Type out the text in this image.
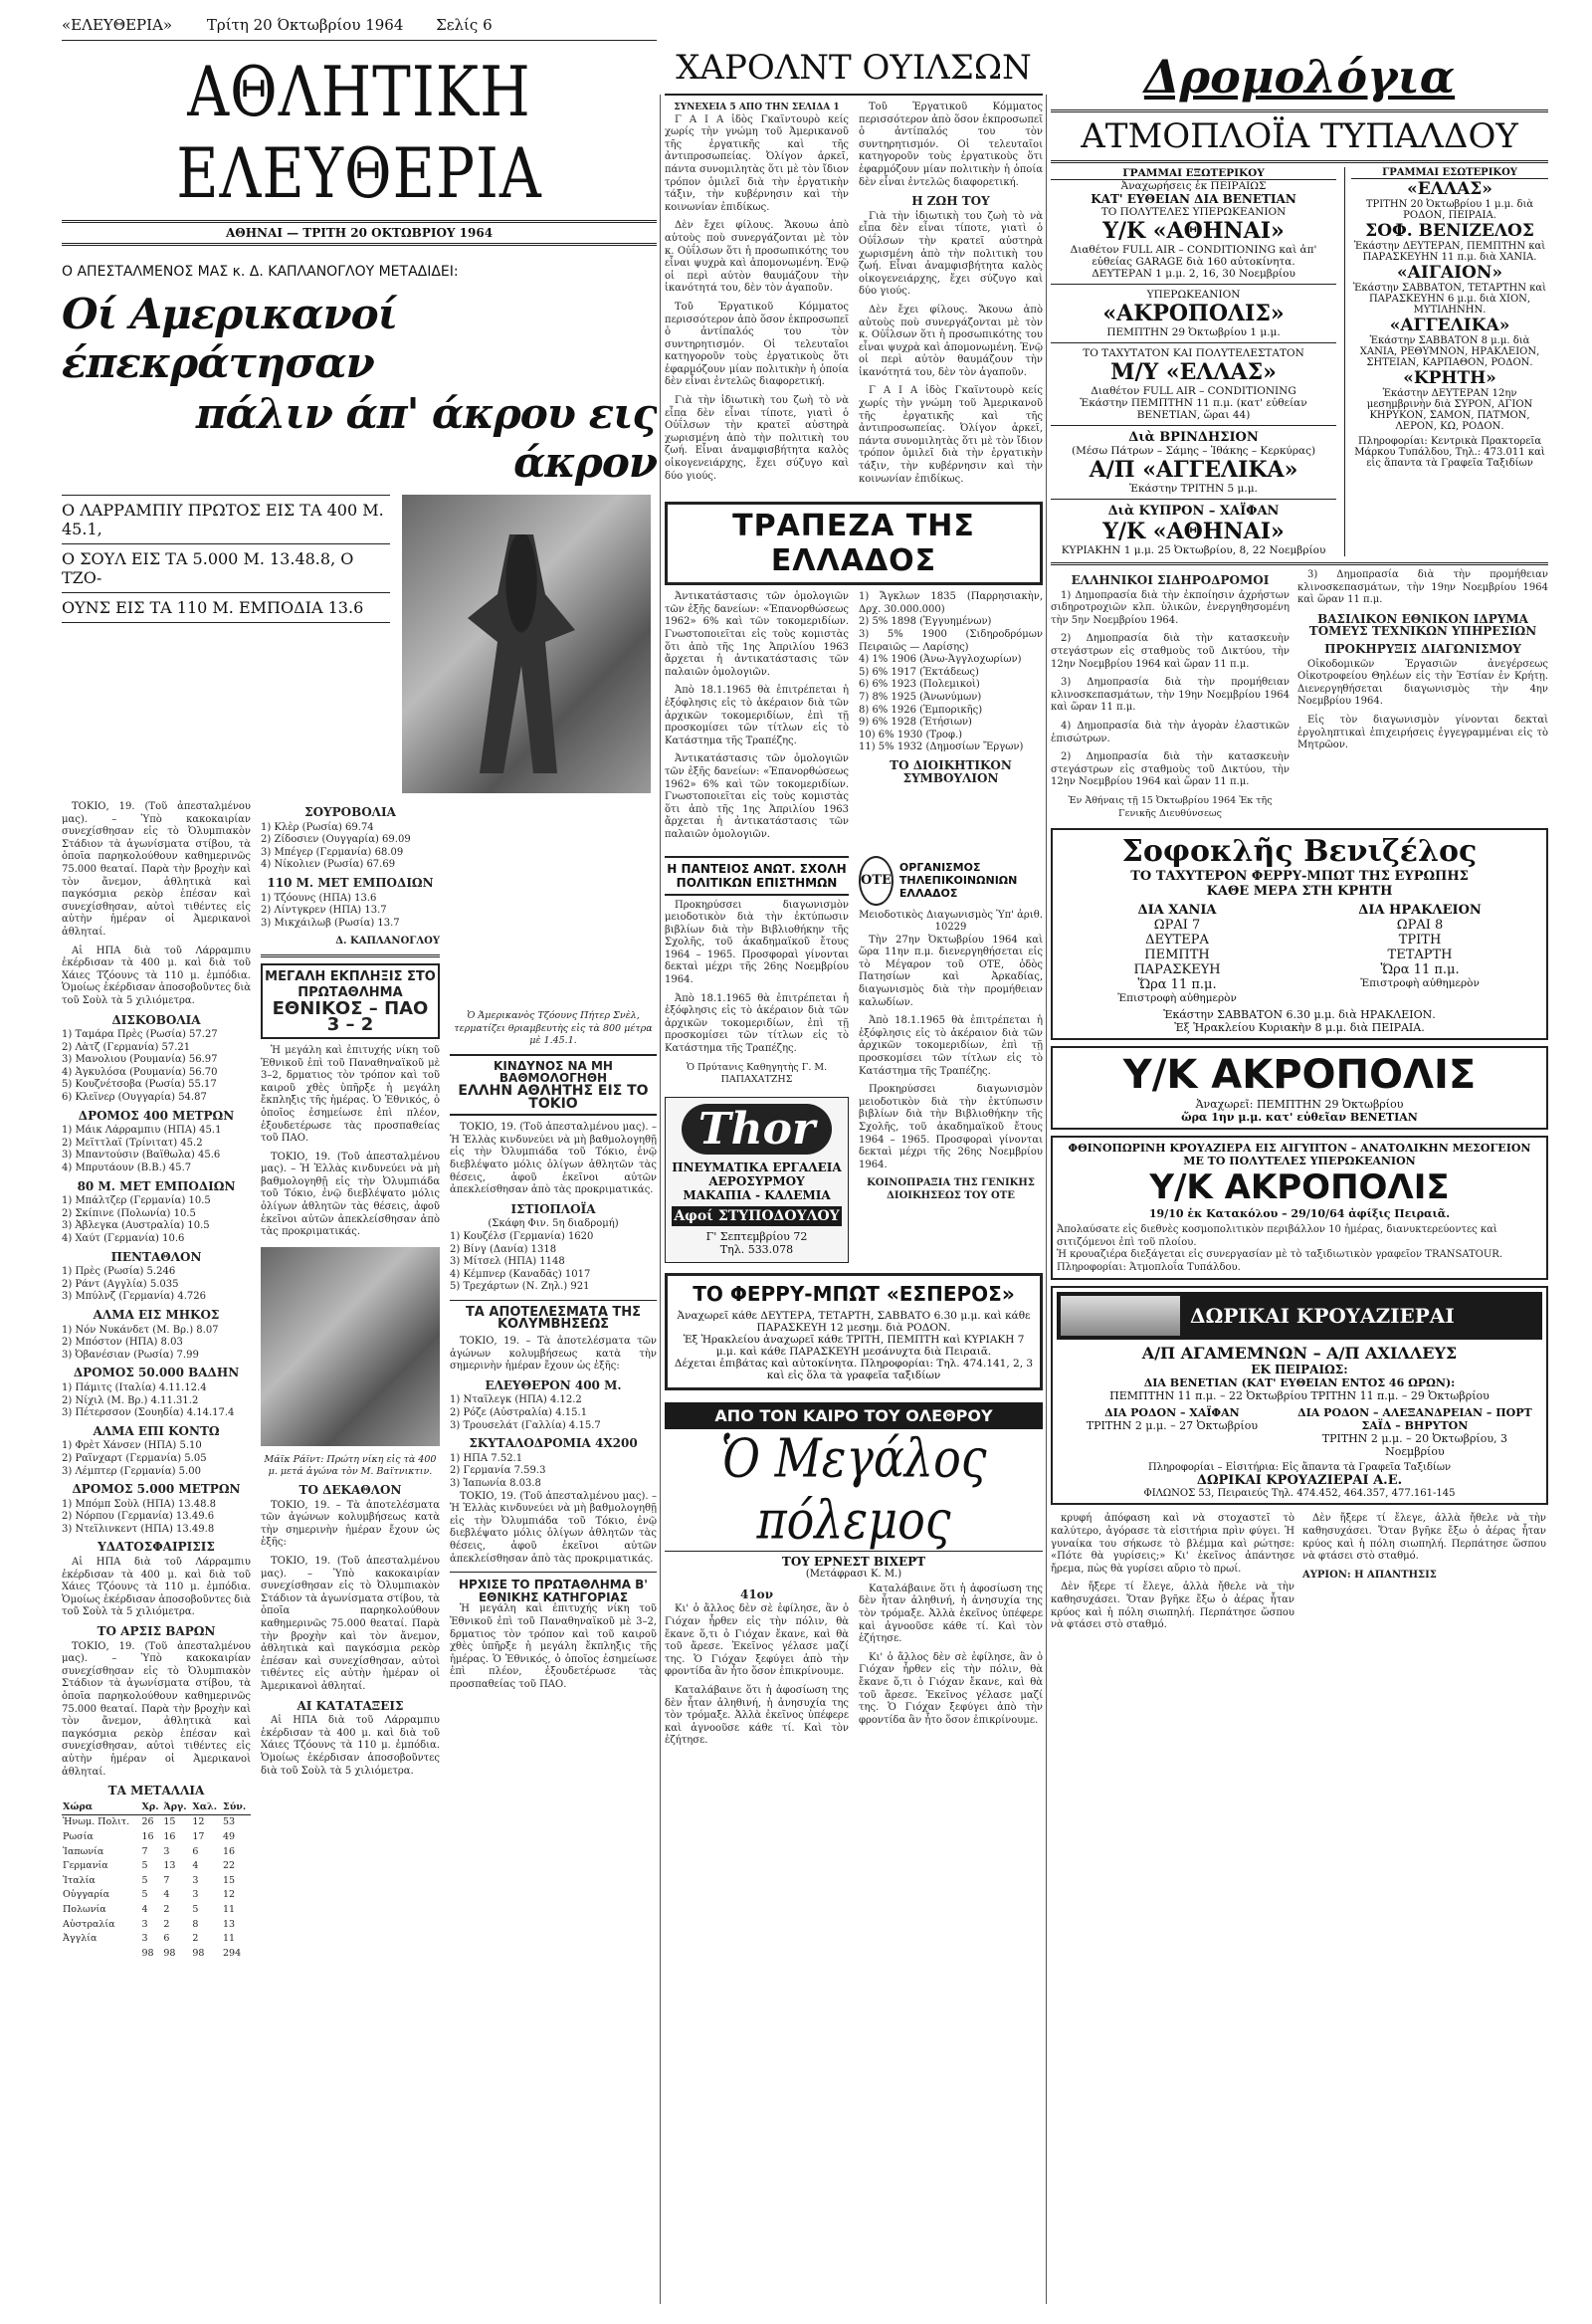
«ΕΛΕΥΘΕΡΙΑ» Τρίτη 20 Όκτωβρίου 1964 Σελίς 6
ΑΘΛΗΤΙΚΗ ΕΛΕΥΘΕΡΙΑ
ΑΘΗΝΑΙ — ΤΡΙΤΗ 20 ΟΚΤΩΒΡΙΟΥ 1964
Ο ΑΠΕΣΤΑΛΜΕΝΟΣ ΜΑΣ κ. Δ. ΚΑΠΛΑΝΟΓΛΟΥ ΜΕΤΑΔΙΔΕΙ:
Οί Αμερικανοί έπεκράτησαν
πάλιν άπ' άκρου εις άκρον
Ο ΛΑΡΡΑΜΠΙΥ ΠΡΩΤΟΣ ΕΙΣ ΤΑ 400 Μ. 45.1,
Ο ΣΟΥΛ ΕΙΣ ΤΑ 5.000 Μ. 13.48.8, Ο ΤΖΟ-
ΟΥΝΣ ΕΙΣ ΤΑ 110 Μ. ΕΜΠΟΔΙΑ 13.6

ΤΟΚΙΟ, 19. (Τοῦ ἀπεσταλμένου μας). – Ὑπὸ κακοκαιρίαν συνεχίσθησαν εἰς τὸ Ὀλυμπιακὸν Στάδιον τὰ ἀγωνίσματα στίβου, τὰ ὁποῖα παρηκολούθουν καθημερινῶς 75.000 θεαταί. Παρὰ τὴν βροχὴν καὶ τὸν ἄνεμον, ἀθλητικὰ καὶ παγκόσμια ρεκὸρ ἐπέσαν καὶ συνεχίσθησαν, αὐτοὶ τιθέντες εἰς αὐτὴν ἡμέραν οἱ Ἀμερικανοὶ ἀθληταί.

Αἱ ΗΠΑ διὰ τοῦ Λάρραμπιυ ἐκέρδισαν τὰ 400 μ. καὶ διὰ τοῦ Χάιες Τζόουνς τὰ 110 μ. ἐμπόδια. Ὁμοίως ἐκέρδισαν ἀποσοβοῦντες διὰ τοῦ Σοὺλ τὰ 5 χιλιόμετρα.

ΔΙΣΚΟΒΟΛΙΑ
1) Ταμάρα Πρὲς (Ρωσία) 57.27
2) Λὰτζ (Γερμανία) 57.21
3) Μανολιου (Ρουμανία) 56.97
4) Ἀγκυλόσα (Ρουμανία) 56.70
5) Κουζνέτσοβα (Ρωσία) 55.17
6) Κλεϊνερ (Ουγγαρία) 54.87
ΔΡΟΜΟΣ 400 ΜΕΤΡΩΝ
1) Μάικ Λάρραμπιυ (ΗΠΑ) 45.1
2) Μεϊττλαϊ (Τρίνιτατ) 45.2
3) Μπαντούσιν (Βαϊθωλα) 45.6
4) Μπρυτάουν (Β.Β.) 45.7
80 Μ. ΜΕΤ ΕΜΠΟΔΙΩΝ
1) Μπάλτζερ (Γερμανία) 10.5
2) Σκίπινε (Πολωνία) 10.5
3) Ἀβλεγκα (Αυστραλία) 10.5
4) Χαύτ (Γερμανία) 10.6
ΠΕΝΤΑΘΛΟΝ
1) Πρὲς (Ρωσία) 5.246
2) Ράντ (Αγγλία) 5.035
3) Μπύλνζ (Γερμανία) 4.726
ΑΛΜΑ ΕΙΣ ΜΗΚΟΣ
1) Νόν Νυκάνδετ (Μ. Βρ.) 8.07
2) Μπόστον (ΗΠΑ) 8.03
3) Ὀβανέσιαν (Ρωσία) 7.99
ΔΡΟΜΟΣ 50.000 ΒΑΔΗΝ
1) Πάμιτς (Ιταλία) 4.11.12.4
2) Νίχιλ (Μ. Βρ.) 4.11.31.2
3) Πέτερσσον (Σουηδία) 4.14.17.4
ΑΛΜΑ ΕΠΙ ΚΟΝΤΩ
1) Φρὲτ Χάνσεν (ΗΠΑ) 5.10
2) Ραϊνχαρτ (Γερμανία) 5.05
3) Λέμπτερ (Γερμανία) 5.00
ΔΡΟΜΟΣ 5.000 ΜΕΤΡΩΝ
1) Μπόμπ Σοὺλ (ΗΠΑ) 13.48.8
2) Νόρπου (Γερμανία) 13.49.6
3) Ντεϊλινκεντ (ΗΠΑ) 13.49.8
ΥΔΑΤΟΣΦΑΙΡΙΣΙΣ

Αἱ ΗΠΑ διὰ τοῦ Λάρραμπιυ ἐκέρδισαν τὰ 400 μ. καὶ διὰ τοῦ Χάιες Τζόουνς τὰ 110 μ. ἐμπόδια. Ὁμοίως ἐκέρδισαν ἀποσοβοῦντες διὰ τοῦ Σοὺλ τὰ 5 χιλιόμετρα.

ΤΟ ΑΡΣΙΣ ΒΑΡΩΝ

ΤΟΚΙΟ, 19. (Τοῦ ἀπεσταλμένου μας). – Ὑπὸ κακοκαιρίαν συνεχίσθησαν εἰς τὸ Ὀλυμπιακὸν Στάδιον τὰ ἀγωνίσματα στίβου, τὰ ὁποῖα παρηκολούθουν καθημερινῶς 75.000 θεαταί. Παρὰ τὴν βροχὴν καὶ τὸν ἄνεμον, ἀθλητικὰ καὶ παγκόσμια ρεκὸρ ἐπέσαν καὶ συνεχίσθησαν, αὐτοὶ τιθέντες εἰς αὐτὴν ἡμέραν οἱ Ἀμερικανοὶ ἀθληταί.

ΤΑ ΜΕΤΑΛΛΙΑ
Χώρα	Χρ.	Ἀργ.	Χαλ.	Σύν.
Ἡνωμ. Πολιτ.	26	15	12	53
Ρωσία	16	16	17	49
Ἰαπωνία	7	3	6	16
Γερμανία	5	13	4	22
Ἰταλία	5	7	3	15
Οὐγγαρία	5	4	3	12
Πολωνία	4	2	5	11
Αὐστραλία	3	2	8	13
Ἀγγλία	3	6	2	11
	98	98	98	294
ΣΟΥΡΟΒΟΛΙΑ
1) Κλὲρ (Ρωσία) 69.74
2) Ζίδοσιεν (Ουγγαρία) 69.09
3) Μπέγερ (Γερμανία) 68.09
4) Νίκολιεν (Ρωσία) 67.69
110 Μ. ΜΕΤ ΕΜΠΟΔΙΩΝ
1) Τζόουνς (ΗΠΑ) 13.6
2) Λίντγκρεν (ΗΠΑ) 13.7
3) Μικχάιλωβ (Ρωσία) 13.7
Δ. ΚΑΠΛΑΝΟΓΛΟΥ
ΜΕΓΑΛΗ ΕΚΠΛΗΞΙΣ ΣΤΟ ΠΡΩΤΑΘΛΗΜΑ
ΕΘΝΙΚΟΣ – ΠΑΟ 3 – 2

Ἡ μεγάλη καὶ ἐπιτυχής νίκη τοῦ Ἐθνικοῦ ἐπὶ τοῦ Παναθηναϊκοῦ μὲ 3–2, δρματιος τὸν τρόπον καὶ τοῦ καιροῦ χθὲς ὑπῆρξε ἡ μεγάλη ἔκπληξις τῆς ἡμέρας. Ὁ Ἐθνικός, ὁ ὁποῖος ἐσημείωσε ἐπὶ πλέον, ἐξουδετέρωσε τὰς προσπαθείας τοῦ ΠΑΟ.

ΤΟΚΙΟ, 19. (Τοῦ ἀπεσταλμένου μας). – Ἡ Ἑλλὰς κινδυνεύει νὰ μὴ βαθμολογηθῇ εἰς τὴν Ὀλυμπιάδα τοῦ Τόκιο, ἐνῷ διεβλέψατο μόλις ὀλίγων ἀθλητῶν τὰς θέσεις, ἀφοῦ ἐκεῖνοι αὐτῶν ἀπεκλείσθησαν ἀπὸ τὰς προκριματικάς.

Μάϊκ Ράϊντ: Πρώτη νίκη εἰς τὰ 400 μ. μετά ἀγώνα τὸν Μ. Βαϊτνικτιν.
ΤΟ ΔΕΚΑΘΛΟΝ

ΤΟΚΙΟ, 19. – Τὰ ἀποτελέσματα τῶν ἀγώνων κολυμβήσεως κατὰ τὴν σημερινὴν ἡμέραν ἔχουν ὡς ἑξῆς:

ΤΟΚΙΟ, 19. (Τοῦ ἀπεσταλμένου μας). – Ὑπὸ κακοκαιρίαν συνεχίσθησαν εἰς τὸ Ὀλυμπιακὸν Στάδιον τὰ ἀγωνίσματα στίβου, τὰ ὁποῖα παρηκολούθουν καθημερινῶς 75.000 θεαταί. Παρὰ τὴν βροχὴν καὶ τὸν ἄνεμον, ἀθλητικὰ καὶ παγκόσμια ρεκὸρ ἐπέσαν καὶ συνεχίσθησαν, αὐτοὶ τιθέντες εἰς αὐτὴν ἡμέραν οἱ Ἀμερικανοὶ ἀθληταί.

ΑΙ ΚΑΤΑΤΑΞΕΙΣ

Αἱ ΗΠΑ διὰ τοῦ Λάρραμπιυ ἐκέρδισαν τὰ 400 μ. καὶ διὰ τοῦ Χάιες Τζόουνς τὰ 110 μ. ἐμπόδια. Ὁμοίως ἐκέρδισαν ἀποσοβοῦντες διὰ τοῦ Σοὺλ τὰ 5 χιλιόμετρα.

Ὁ Ἀμερικανὸς Τζόουνς Πήτερ Σνὲλ, τερματίζει θριαμβευτὴς εἰς τὰ 800 μέτρα μὲ 1.45.1.
ΚΙΝΔΥΝΟΣ ΝΑ ΜΗ ΒΑΘΜΟΛΟΓΗΘΗ
ΕΛΛΗΝ ΑΘΛΗΤΗΣ ΕΙΣ ΤΟ ΤΟΚΙΟ

ΤΟΚΙΟ, 19. (Τοῦ ἀπεσταλμένου μας). – Ἡ Ἑλλὰς κινδυνεύει νὰ μὴ βαθμολογηθῇ εἰς τὴν Ὀλυμπιάδα τοῦ Τόκιο, ἐνῷ διεβλέψατο μόλις ὀλίγων ἀθλητῶν τὰς θέσεις, ἀφοῦ ἐκεῖνοι αὐτῶν ἀπεκλείσθησαν ἀπὸ τὰς προκριματικάς.

ΙΣΤΙΟΠΛΟΪΑ
(Σκάφη Φιν. 5η διαδρομή)
1) Κουζέλσ (Γερμανία) 1620
2) Βίνγ (Δανία) 1318
3) Μίτσελ (ΗΠΑ) 1148
4) Κέμπνερ (Καναδᾶς) 1017
5) Τρεχάρτων (Ν. Ζηλ.) 921
ΤΑ ΑΠΟΤΕΛΕΣΜΑΤΑ ΤΗΣ ΚΟΛΥΜΒΗΣΕΩΣ

ΤΟΚΙΟ, 19. – Τὰ ἀποτελέσματα τῶν ἀγώνων κολυμβήσεως κατὰ τὴν σημερινὴν ἡμέραν ἔχουν ὡς ἑξῆς:

ΕΛΕΥΘΕΡΟΝ 400 Μ.
1) Νταϊλεγκ (ΗΠΑ) 4.12.2
2) Ρόζε (Αὐστραλία) 4.15.1
3) Τρουσελάτ (Γαλλία) 4.15.7
ΣΚΥΤΑΛΟΔΡΟΜΙΑ 4Χ200
1) ΗΠΑ 7.52.1
2) Γερμανία 7.59.3
3) Ἰαπωνία 8.03.8

ΤΟΚΙΟ, 19. (Τοῦ ἀπεσταλμένου μας). – Ἡ Ἑλλὰς κινδυνεύει νὰ μὴ βαθμολογηθῇ εἰς τὴν Ὀλυμπιάδα τοῦ Τόκιο, ἐνῷ διεβλέψατο μόλις ὀλίγων ἀθλητῶν τὰς θέσεις, ἀφοῦ ἐκεῖνοι αὐτῶν ἀπεκλείσθησαν ἀπὸ τὰς προκριματικάς.

ΗΡΧΙΣΕ ΤΟ ΠΡΩΤΑΘΛΗΜΑ Β' ΕΘΝΙΚΗΣ ΚΑΤΗΓΟΡΙΑΣ

Ἡ μεγάλη καὶ ἐπιτυχής νίκη τοῦ Ἐθνικοῦ ἐπὶ τοῦ Παναθηναϊκοῦ μὲ 3–2, δρματιος τὸν τρόπον καὶ τοῦ καιροῦ χθὲς ὑπῆρξε ἡ μεγάλη ἔκπληξις τῆς ἡμέρας. Ὁ Ἐθνικός, ὁ ὁποῖος ἐσημείωσε ἐπὶ πλέον, ἐξουδετέρωσε τὰς προσπαθείας τοῦ ΠΑΟ.

ΧΑΡΟΛΝΤ ΟΥΙΛΣΩΝ
ΣΥΝΕΧΕΙΑ 5 ΑΠΟ ΤΗΝ ΣΕΛΙΔΑ 1

Γ Α Ι Α ἰδὸς Γκαϊντουρὸ κείς χωρίς τὴν γνώμη τοῦ Ἀμερικανοῦ τῆς ἐργατικῆς καὶ τῆς ἀντιπροσωπείας. Ὀλίγον ἀρκεῖ, πάντα συνομιλητὰς ὅτι μὲ τὸν ἴδιον τρόπον ὁμιλεῖ διὰ τὴν ἐργατικὴν τάξιν, τὴν κυβέρνησιν καὶ τὴν κοινωνίαν ἐπιδίκως.

Δὲν ἔχει φίλους. Ἄκουω ἀπὸ αὐτοὺς ποὺ συνεργάζονται μὲ τὸν κ. Οὐΐλσων ὅτι ἡ προσωπικότης του εἶναι ψυχρὰ καὶ ἀπομονωμένη. Ἐνῷ οἱ περὶ αὐτὸν θαυμάζουν τὴν ἱκανότητά του, δὲν τὸν ἀγαποῦν.

Τοῦ Ἐργατικοῦ Κόμματος περισσότερον ἀπὸ ὅσον ἐκπροσωπεῖ ὁ ἀντίπαλός του τὸν συντηρητισμόν. Οἱ τελευταῖοι κατηγοροῦν τοὺς ἐργατικοὺς ὅτι ἐφαρμόζουν μίαν πολιτικὴν ἡ ὁποία δὲν εἶναι ἐντελῶς διαφορετική.

Γιὰ τὴν ἰδιωτικὴ του ζωὴ τὸ νὰ εἶπα δὲν εἶναι τίποτε, γιατὶ ὁ Οὐΐλσων τὴν κρατεῖ αὐστηρὰ χωρισμένη ἀπὸ τὴν πολιτικὴ του ζωή. Εἶναι ἀναμφισβήτητα καλὸς οἰκογενειάρχης, ἔχει σύζυγο καὶ δύο γιούς.

Τοῦ Ἐργατικοῦ Κόμματος περισσότερον ἀπὸ ὅσον ἐκπροσωπεῖ ὁ ἀντίπαλός του τὸν συντηρητισμόν. Οἱ τελευταῖοι κατηγοροῦν τοὺς ἐργατικοὺς ὅτι ἐφαρμόζουν μίαν πολιτικὴν ἡ ὁποία δὲν εἶναι ἐντελῶς διαφορετική.

Η ΖΩΗ ΤΟΥ

Γιὰ τὴν ἰδιωτικὴ του ζωὴ τὸ νὰ εἶπα δὲν εἶναι τίποτε, γιατὶ ὁ Οὐΐλσων τὴν κρατεῖ αὐστηρὰ χωρισμένη ἀπὸ τὴν πολιτικὴ του ζωή. Εἶναι ἀναμφισβήτητα καλὸς οἰκογενειάρχης, ἔχει σύζυγο καὶ δύο γιούς.

Δὲν ἔχει φίλους. Ἄκουω ἀπὸ αὐτοὺς ποὺ συνεργάζονται μὲ τὸν κ. Οὐΐλσων ὅτι ἡ προσωπικότης του εἶναι ψυχρὰ καὶ ἀπομονωμένη. Ἐνῷ οἱ περὶ αὐτὸν θαυμάζουν τὴν ἱκανότητά του, δὲν τὸν ἀγαποῦν.

Γ Α Ι Α ἰδὸς Γκαϊντουρὸ κείς χωρίς τὴν γνώμη τοῦ Ἀμερικανοῦ τῆς ἐργατικῆς καὶ τῆς ἀντιπροσωπείας. Ὀλίγον ἀρκεῖ, πάντα συνομιλητὰς ὅτι μὲ τὸν ἴδιον τρόπον ὁμιλεῖ διὰ τὴν ἐργατικὴν τάξιν, τὴν κυβέρνησιν καὶ τὴν κοινωνίαν ἐπιδίκως.

ΤΡΑΠΕΖΑ ΤΗΣ ΕΛΛΑΔΟΣ

Ἀντικατάστασις τῶν ὁμολογιῶν τῶν ἑξῆς δανείων: «Ἐπανορθώσεως 1962» 6% καὶ τῶν τοκομεριδίων. Γνωστοποιεῖται εἰς τοὺς κομιστὰς ὅτι ἀπὸ τῆς 1ης Ἀπριλίου 1963 ἄρχεται ἡ ἀντικατάστασις τῶν παλαιῶν ὁμολογιῶν.

Ἀπὸ 18.1.1965 θὰ ἐπιτρέπεται ἡ ἐξόφλησις εἰς τὸ ἀκέραιον διὰ τῶν ἀρχικῶν τοκομεριδίων, ἐπὶ τῇ προσκομίσει τῶν τίτλων εἰς τὸ Κατάστημα τῆς Τραπέζης.

Ἀντικατάστασις τῶν ὁμολογιῶν τῶν ἑξῆς δανείων: «Ἐπανορθώσεως 1962» 6% καὶ τῶν τοκομεριδίων. Γνωστοποιεῖται εἰς τοὺς κομιστὰς ὅτι ἀπὸ τῆς 1ης Ἀπριλίου 1963 ἄρχεται ἡ ἀντικατάστασις τῶν παλαιῶν ὁμολογιῶν.

1) Ἄγκλων 1835 (Παρρησιακὴν, Δρχ. 30.000.000)
2) 5% 1898 (Ἐγγυημένων)
3) 5% 1900 (Σιδηροδρόμων Πειραιῶς — Λαρίσης)
4) 1% 1906 (Ἀνω-Ἀγγλοχωρίων)
5) 6% 1917 (Ἐκτάδεως)
6) 6% 1923 (Πολεμικοὶ)
7) 8% 1925 (Ἀνωνύμων)
8) 6% 1926 (Ἐμπορικῆς)
9) 6% 1928 (Ἐτήσιων)
10) 6% 1930 (Τροφ.)
11) 5% 1932 (Δημοσίων Ἔργων)
ΤΟ ΔΙΟΙΚΗΤΙΚΟΝ ΣΥΜΒΟΥΛΙΟΝ
Η ΠΑΝΤΕΙΟΣ ΑΝΩΤ. ΣΧΟΛΗ ΠΟΛΙΤΙΚΩΝ ΕΠΙΣΤΗΜΩΝ

Προκηρύσσει διαγωνισμὸν μειοδοτικὸν διὰ τὴν ἐκτύπωσιν βιβλίων διὰ τὴν Βιβλιοθήκην τῆς Σχολῆς, τοῦ ἀκαδημαϊκοῦ ἔτους 1964 – 1965. Προσφοραὶ γίνονται δεκταὶ μέχρι τῆς 26ης Νοεμβρίου 1964.

Ἀπὸ 18.1.1965 θὰ ἐπιτρέπεται ἡ ἐξόφλησις εἰς τὸ ἀκέραιον διὰ τῶν ἀρχικῶν τοκομεριδίων, ἐπὶ τῇ προσκομίσει τῶν τίτλων εἰς τὸ Κατάστημα τῆς Τραπέζης.

Ὁ Πρύτανις Καθηγητὴς Γ. Μ. ΠΑΠΑΧΑΤΖΗΣ
Thor
ΠΝΕΥΜΑΤΙΚΑ ΕΡΓΑΛΕΙΑ
ΑΕΡΟΣΥΡΜΟΥ
ΜΑΚΑΠΙΑ - ΚΑΛΕΜΙΑ
Αφοί ΣΤΥΠΟΔΟΥΛΟΥ
Γ' Σεπτεμβρίου 72
Τηλ. 533.078
ΟΤΕ
ΟΡΓΑΝΙΣΜΟΣ ΤΗΛΕΠΙΚΟΙΝΩΝΙΩΝ ΕΛΛΑΔΟΣ
Μειοδοτικὸς Διαγωνισμὸς Ὑπ' ἀριθ. 10229

Τὴν 27ην Ὀκτωβρίου 1964 καὶ ὥρα 11ην π.μ. διενεργηθήσεται εἰς τὸ Μέγαρον τοῦ ΟΤΕ, ὁδὸς Πατησίων καὶ Ἀρκαδίας, διαγωνισμὸς διὰ τὴν προμήθειαν καλωδίων.

Ἀπὸ 18.1.1965 θὰ ἐπιτρέπεται ἡ ἐξόφλησις εἰς τὸ ἀκέραιον διὰ τῶν ἀρχικῶν τοκομεριδίων, ἐπὶ τῇ προσκομίσει τῶν τίτλων εἰς τὸ Κατάστημα τῆς Τραπέζης.

Προκηρύσσει διαγωνισμὸν μειοδοτικὸν διὰ τὴν ἐκτύπωσιν βιβλίων διὰ τὴν Βιβλιοθήκην τῆς Σχολῆς, τοῦ ἀκαδημαϊκοῦ ἔτους 1964 – 1965. Προσφοραὶ γίνονται δεκταὶ μέχρι τῆς 26ης Νοεμβρίου 1964.

ΚΟΙΝΟΠΡΑΞΙΑ ΤΗΣ ΓΕΝΙΚΗΣ ΔΙΟΙΚΗΣΕΩΣ ΤΟΥ ΟΤΕ
ΤΟ ΦΕΡΡΥ-ΜΠΩΤ «ΕΣΠΕΡΟΣ»
Ἀναχωρεῖ κάθε ΔΕΥΤΕΡΑ, ΤΕΤΑΡΤΗ, ΣΑΒΒΑΤΟ 6.30 μ.μ. καὶ κάθε ΠΑΡΑΣΚΕΥΗ 12 μεσημ. διὰ ΡΟΔΟΝ.
Ἐξ Ἡρακλείου ἀναχωρεῖ κάθε ΤΡΙΤΗ, ΠΕΜΠΤΗ καὶ ΚΥΡΙΑΚΗ 7 μ.μ. καὶ κάθε ΠΑΡΑΣΚΕΥΗ μεσάνυχτα διὰ Πειραιᾶ.
Δέχεται ἐπιβάτας καὶ αὐτοκίνητα. Πληροφορίαι: Τηλ. 474.141, 2, 3 καὶ εἰς ὅλα τὰ γραφεῖα ταξιδίων
ΑΠΟ ΤΟΝ ΚΑΙΡΟ ΤΟΥ ΟΛΕΘΡΟΥ
Ὁ Μεγάλος πόλεμος
ΤΟΥ ΕΡΝΕΣΤ ΒΙΧΕΡΤ
(Μετάφρασι Κ. Μ.)
41ον

Κι' ὁ ἄλλος δὲν σὲ ἐφίλησε, ἂν ὁ Γιόχαν ἦρθεν εἰς τὴν πόλιν, θὰ ἔκανε ὅ,τι ὁ Γιόχαν ἔκανε, καὶ θὰ τοῦ ἄρεσε. Ἐκεῖνος γέλασε μαζί της. Ὁ Γιόχαν ξεφύγει ἀπὸ τὴν φροντίδα ἂν ἦτο ὅσον ἐπικρίνουμε.

Καταλάβαινε ὅτι ἡ ἀφοσίωση της δὲν ἦταν ἀληθινή, ἡ ἀνησυχία της τὸν τρόμαξε. Ἀλλὰ ἐκεῖνος ὑπέφερε καὶ ἀγνοοῦσε κάθε τί. Καὶ τὸν ἐζήτησε.

Καταλάβαινε ὅτι ἡ ἀφοσίωση της δὲν ἦταν ἀληθινή, ἡ ἀνησυχία της τὸν τρόμαξε. Ἀλλὰ ἐκεῖνος ὑπέφερε καὶ ἀγνοοῦσε κάθε τί. Καὶ τὸν ἐζήτησε.

Κι' ὁ ἄλλος δὲν σὲ ἐφίλησε, ἂν ὁ Γιόχαν ἦρθεν εἰς τὴν πόλιν, θὰ ἔκανε ὅ,τι ὁ Γιόχαν ἔκανε, καὶ θὰ τοῦ ἄρεσε. Ἐκεῖνος γέλασε μαζί της. Ὁ Γιόχαν ξεφύγει ἀπὸ τὴν φροντίδα ἂν ἦτο ὅσον ἐπικρίνουμε.

Δρομολόγια
ΑΤΜΟΠΛΟΪΑ ΤΥΠΑΛΔΟΥ
ΓΡΑΜΜΑΙ ΕΞΩΤΕΡΙΚΟΥ
Ἀναχωρήσεις ἐκ ΠΕΙΡΑΙΩΣ
ΚΑΤ' ΕΥΘΕΙΑΝ ΔΙΑ ΒΕΝΕΤΙΑΝ
ΤΟ ΠΟΛΥΤΕΛΕΣ ΥΠΕΡΩΚΕΑΝΙΟΝ
Υ/Κ «ΑΘΗΝΑΙ»
Διαθέτον FULL AIR – CONDITIONING καὶ ἀπ' εὐθείας GARAGE διὰ 160 αὐτοκίνητα.
ΔΕΥΤΕΡΑΝ 1 μ.μ. 2, 16, 30 Νοεμβρίου
ΥΠΕΡΩΚΕΑΝΙΟΝ
«ΑΚΡΟΠΟΛΙΣ»
ΠΕΜΠΤΗΝ 29 Ὀκτωβρίου 1 μ.μ.
ΤΟ ΤΑΧΥΤΑΤΟΝ ΚΑΙ ΠΟΛΥΤΕΛΕΣΤΑΤΟΝ
Μ/Υ «ΕΛΛΑΣ»
Διαθέτον FULL AIR – CONDITIONING
Ἑκάστην ΠΕΜΠΤΗΝ 11 π.μ. (κατ' εὐθείαν ΒΕΝΕΤΙΑΝ, ὥραι 44)
Διὰ ΒΡΙΝΔΗΣΙΟΝ
(Μέσω Πάτρων – Σάμης – Ἰθάκης – Κερκύρας)
Α/Π «ΑΓΓΕΛΙΚΑ»
Ἑκάστην ΤΡΙΤΗΝ 5 μ.μ.
Διὰ ΚΥΠΡΟΝ – ΧΑΪΦΑΝ
Υ/Κ «ΑΘΗΝΑΙ»
ΚΥΡΙΑΚΗΝ 1 μ.μ. 25 Ὀκτωβρίου, 8, 22 Νοεμβρίου
ΓΡΑΜΜΑΙ ΕΣΩΤΕΡΙΚΟΥ
«ΕΛΛΑΣ»
ΤΡΙΤΗΝ 20 Ὀκτωβρίου 1 μ.μ. διὰ ΡΟΔΟΝ, ΠΕΙΡΑΙΑ.
ΣΟΦ. ΒΕΝΙΖΕΛΟΣ
Ἑκάστην ΔΕΥΤΕΡΑΝ, ΠΕΜΠΤΗΝ καὶ ΠΑΡΑΣΚΕΥΗΝ 11 π.μ. διὰ ΧΑΝΙΑ.
«ΑΙΓΑΙΟΝ»
Ἑκάστην ΣΑΒΒΑΤΟΝ, ΤΕΤΑΡΤΗΝ καὶ ΠΑΡΑΣΚΕΥΗΝ 6 μ.μ. διὰ ΧΙΟΝ, ΜΥΤΙΛΗΝΗΝ.
«ΑΓΓΕΛΙΚΑ»
Ἑκάστην ΣΑΒΒΑΤΟΝ 8 μ.μ. διὰ ΧΑΝΙΑ, ΡΕΘΥΜΝΟΝ, ΗΡΑΚΛΕΙΟΝ, ΣΗΤΕΙΑΝ, ΚΑΡΠΑΘΟΝ, ΡΟΔΟΝ.
«ΚΡΗΤΗ»
Ἑκάστην ΔΕΥΤΕΡΑΝ 12ην μεσημβρινὴν διὰ ΣΥΡΟΝ, ΑΓΙΟΝ ΚΗΡΥΚΟΝ, ΣΑΜΟΝ, ΠΑΤΜΟΝ, ΛΕΡΟΝ, ΚΩ, ΡΟΔΟΝ.
Πληροφορίαι: Κεντρικὰ Πρακτορεῖα Μάρκου Τυπάλδου, Τηλ.: 473.011 καὶ εἰς ἅπαντα τὰ Γραφεῖα Ταξιδίων
ΕΛΛΗΝΙΚΟΙ ΣΙΔΗΡΟΔΡΟΜΟΙ

1) Δημοπρασία διὰ τὴν ἐκποίησιν ἀχρήστων σιδηροτροχιῶν κλπ. ὑλικῶν, ἐνεργηθησομένη τὴν 5ην Νοεμβρίου 1964.

2) Δημοπρασία διὰ τὴν κατασκευὴν στεγάστρων εἰς σταθμοὺς τοῦ Δικτύου, τὴν 12ην Νοεμβρίου 1964 καὶ ὥραν 11 π.μ.

3) Δημοπρασία διὰ τὴν προμήθειαν κλινοσκεπασμάτων, τὴν 19ην Νοεμβρίου 1964 καὶ ὥραν 11 π.μ.

4) Δημοπρασία διὰ τὴν ἀγορὰν ἐλαστικῶν ἐπισώτρων.

2) Δημοπρασία διὰ τὴν κατασκευὴν στεγάστρων εἰς σταθμοὺς τοῦ Δικτύου, τὴν 12ην Νοεμβρίου 1964 καὶ ὥραν 11 π.μ.

Ἐν Ἀθήναις τῇ 15 Ὀκτωβρίου 1964 Ἐκ τῆς Γενικῆς Διευθύνσεως

3) Δημοπρασία διὰ τὴν προμήθειαν κλινοσκεπασμάτων, τὴν 19ην Νοεμβρίου 1964 καὶ ὥραν 11 π.μ.

ΒΑΣΙΛΙΚΟΝ ΕΘΝΙΚΟΝ ΙΔΡΥΜΑ ΤΟΜΕΥΣ ΤΕΧΝΙΚΩΝ ΥΠΗΡΕΣΙΩΝ
ΠΡΟΚΗΡΥΞΙΣ ΔΙΑΓΩΝΙΣΜΟΥ

Οἰκοδομικῶν Ἐργασιῶν ἀνεγέρσεως Οἰκοτροφείου Θηλέων εἰς τὴν Ἑστίαν ἐν Κρήτῃ. Διενεργηθήσεται διαγωνισμὸς τὴν 4ην Νοεμβρίου 1964.

Εἰς τὸν διαγωνισμὸν γίνονται δεκταὶ ἐργοληπτικαὶ ἐπιχειρήσεις ἐγγεγραμμέναι εἰς τὸ Μητρῶον.

Σοφοκλῆς Βενιζέλος
ΤΟ ΤΑΧΥΤΕΡΟΝ ΦΕΡΡΥ-ΜΠΩΤ ΤΗΣ ΕΥΡΩΠΗΣ
ΚΑΘΕ ΜΕΡΑ ΣΤΗ ΚΡΗΤΗ
ΔΙΑ ΧΑΝΙΑ
ΩΡΑΙ 7
ΔΕΥΤΕΡΑ
ΠΕΜΠΤΗ
ΠΑΡΑΣΚΕΥΗ
Ὥρα 11 π.μ.
Ἐπιστροφὴ αὐθημερὸν
ΔΙΑ ΗΡΑΚΛΕΙΟΝ
ΩΡΑΙ 8
ΤΡΙΤΗ
ΤΕΤΑΡΤΗ
Ὥρα 11 π.μ.
Ἐπιστροφὴ αὐθημερὸν
Ἑκάστην ΣΑΒΒΑΤΟΝ 6.30 μ.μ. διὰ ΗΡΑΚΛΕΙΟΝ.
Ἐξ Ἡρακλείου Κυριακὴν 8 μ.μ. διὰ ΠΕΙΡΑΙΑ.
Υ/Κ ΑΚΡΟΠΟΛΙΣ
Ἀναχωρεῖ: ΠΕΜΠΤΗΝ 29 Ὀκτωβρίου
ὥρα 1ην μ.μ. κατ' εὐθεῖαν ΒΕΝΕΤΙΑΝ
ΦΘΙΝΟΠΩΡΙΝΗ ΚΡΟΥΑΖΙΕΡΑ ΕΙΣ ΑΙΓΥΠΤΟΝ – ΑΝΑΤΟΛΙΚΗΝ ΜΕΣΟΓΕΙΟΝ ΜΕ ΤΟ ΠΟΛΥΤΕΛΕΣ ΥΠΕΡΩΚΕΑΝΙΟΝ
Υ/Κ ΑΚΡΟΠΟΛΙΣ
19/10 ἐκ Κατακόλου – 29/10/64 ἀφίξις Πειραιᾶ.
Ἀπολαύσατε εἰς διεθνὲς κοσμοπολιτικὸν περιβάλλον 10 ἡμέρας, διανυκτερεύοντες καὶ σιτιζόμενοι ἐπὶ τοῦ πλοίου.
Ἡ κρουαζιέρα διεξάγεται εἰς συνεργασίαν μὲ τὸ ταξιδιωτικὸν γραφεῖον TRANSATOUR. Πληροφορίαι: Ἀτμοπλοΐα Τυπάλδου.
ΔΩΡΙΚΑΙ ΚΡΟΥΑΖΙΕΡΑΙ
Α/Π ΑΓΑΜΕΜΝΩΝ – Α/Π ΑΧΙΛΛΕΥΣ
ΕΚ ΠΕΙΡΑΙΩΣ:
ΔΙΑ ΒΕΝΕΤΙΑΝ (ΚΑΤ' ΕΥΘΕΙΑΝ ΕΝΤΟΣ 46 ΩΡΩΝ):
ΠΕΜΠΤΗΝ 11 π.μ. – 22 Ὀκτωβρίου ΤΡΙΤΗΝ 11 π.μ. – 29 Ὀκτωβρίου
ΔΙΑ ΡΟΔΟΝ – ΧΑΪΦΑΝ
ΤΡΙΤΗΝ 2 μ.μ. – 27 Ὀκτωβρίου
ΔΙΑ ΡΟΔΟΝ – ΑΛΕΞΑΝΔΡΕΙΑΝ – ΠΟΡΤ ΣΑΪΔ – ΒΗΡΥΤΟΝ
ΤΡΙΤΗΝ 2 μ.μ. – 20 Ὀκτωβρίου, 3 Νοεμβρίου
Πληροφορίαι – Εἰσιτήρια: Εἰς ἅπαντα τὰ Γραφεῖα Ταξιδίων
ΔΩΡΙΚΑΙ ΚΡΟΥΑΖΙΕΡΑΙ Α.Ε.
ΦΙΛΩΝΟΣ 53, Πειραιεύς Τηλ. 474.452, 464.357, 477.161-145

κρυφή ἀπόφαση καὶ νὰ στοχαστεῖ τὸ καλύτερο, ἀγόρασε τὰ εἰσιτήρια πρὶν φύγει. Ἡ γυναίκα του σήκωσε τὸ βλέμμα καὶ ρώτησε: «Πότε θὰ γυρίσεις;» Κι' ἐκεῖνος ἀπάντησε ἤρεμα, πὼς θὰ γυρίσει αὔριο τὸ πρωί.

Δὲν ἤξερε τί ἔλεγε, ἀλλὰ ἤθελε νὰ τὴν καθησυχάσει. Ὅταν βγῆκε ἔξω ὁ ἀέρας ἦταν κρύος καὶ ἡ πόλη σιωπηλή. Περπάτησε ὥσπου νὰ φτάσει στὸ σταθμό.

Δὲν ἤξερε τί ἔλεγε, ἀλλὰ ἤθελε νὰ τὴν καθησυχάσει. Ὅταν βγῆκε ἔξω ὁ ἀέρας ἦταν κρύος καὶ ἡ πόλη σιωπηλή. Περπάτησε ὥσπου νὰ φτάσει στὸ σταθμό.

ΑΥΡΙΟΝ: Η ΑΠΑΝΤΗΣΙΣ
